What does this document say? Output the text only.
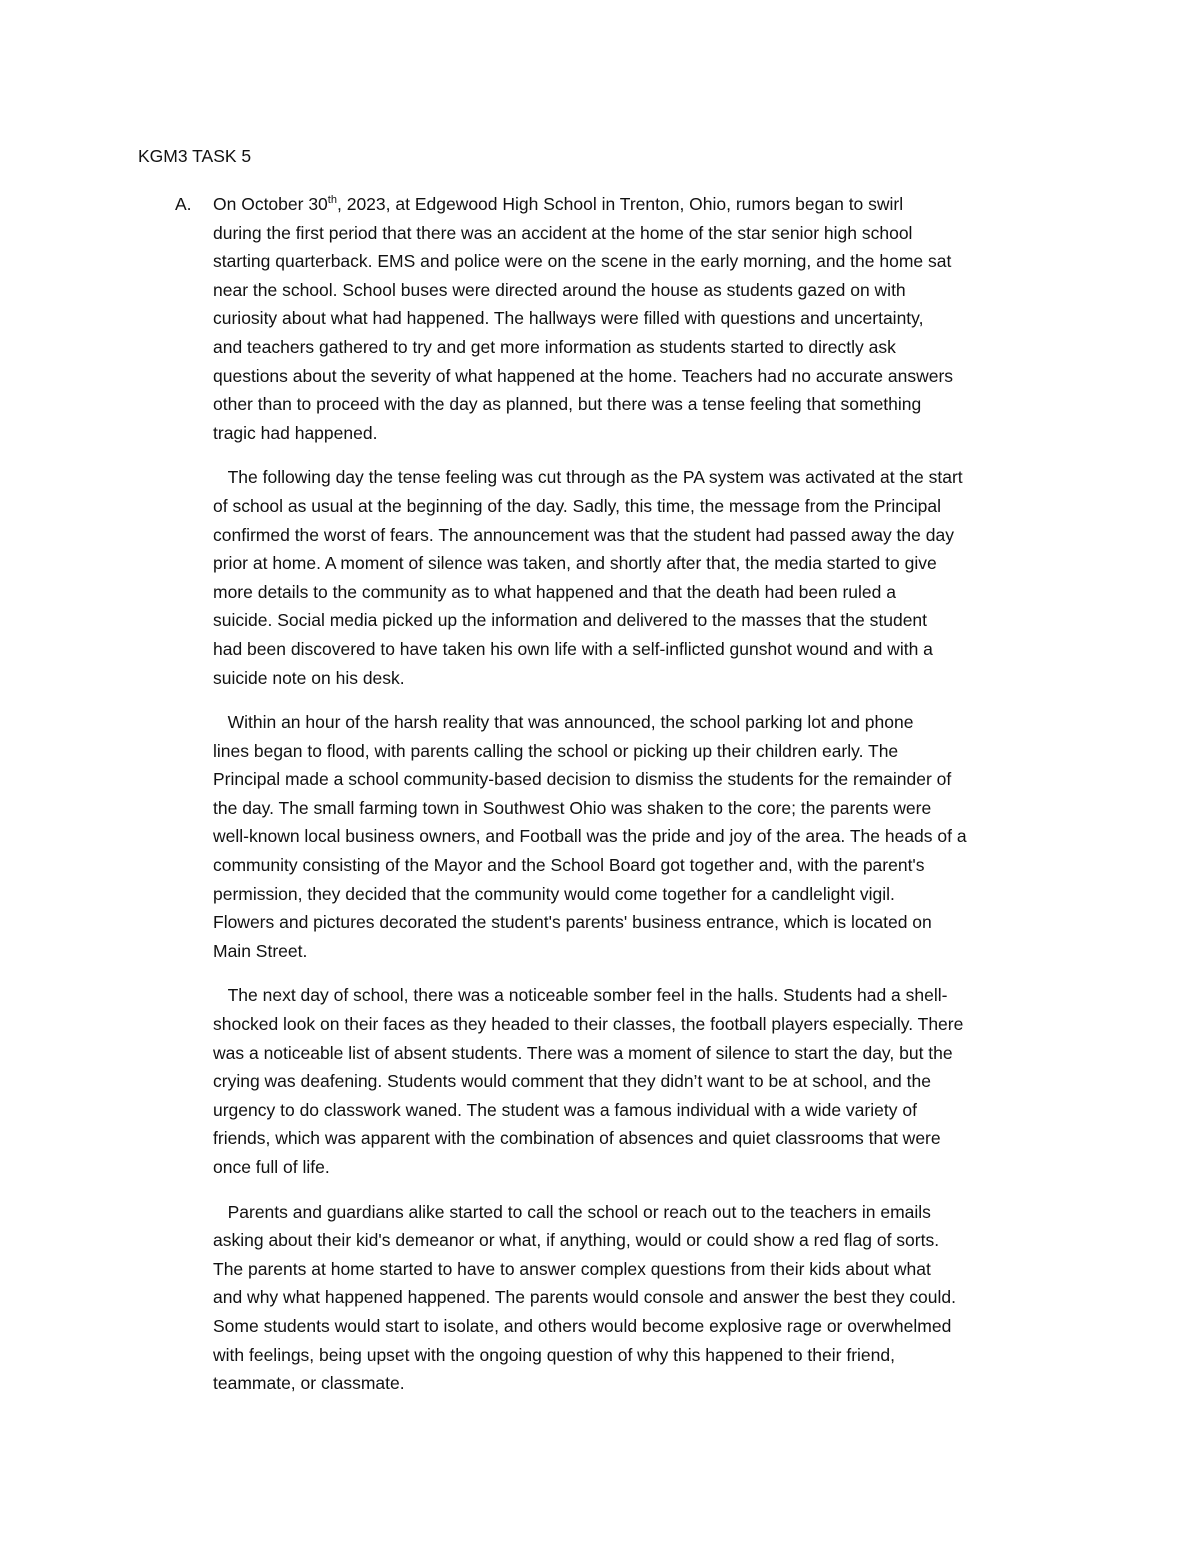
KGM3 TASK 5
A. On October 30th, 2023, at Edgewood High School in Trenton, Ohio, rumors began to swirl
during the first period that there was an accident at the home of the star senior high school
starting quarterback. EMS and police were on the scene in the early morning, and the home sat
near the school. School buses were directed around the house as students gazed on with
curiosity about what had happened. The hallways were filled with questions and uncertainty,
and teachers gathered to try and get more information as students started to directly ask
questions about the severity of what happened at the home. Teachers had no accurate answers
other than to proceed with the day as planned, but there was a tense feeling that something
tragic had happened.

The following day the tense feeling was cut through as the PA system was activated at the start
of school as usual at the beginning of the day. Sadly, this time, the message from the Principal
confirmed the worst of fears. The announcement was that the student had passed away the day
prior at home. A moment of silence was taken, and shortly after that, the media started to give
more details to the community as to what happened and that the death had been ruled a
suicide. Social media picked up the information and delivered to the masses that the student
had been discovered to have taken his own life with a self-inflicted gunshot wound and with a
suicide note on his desk.

Within an hour of the harsh reality that was announced, the school parking lot and phone
lines began to flood, with parents calling the school or picking up their children early. The
Principal made a school community-based decision to dismiss the students for the remainder of
the day. The small farming town in Southwest Ohio was shaken to the core; the parents were
well-known local business owners, and Football was the pride and joy of the area. The heads of a
community consisting of the Mayor and the School Board got together and, with the parent's
permission, they decided that the community would come together for a candlelight vigil.
Flowers and pictures decorated the student's parents' business entrance, which is located on
Main Street.

The next day of school, there was a noticeable somber feel in the halls. Students had a shell-
shocked look on their faces as they headed to their classes, the football players especially. There
was a noticeable list of absent students. There was a moment of silence to start the day, but the
crying was deafening. Students would comment that they didn’t want to be at school, and the
urgency to do classwork waned. The student was a famous individual with a wide variety of
friends, which was apparent with the combination of absences and quiet classrooms that were
once full of life.

Parents and guardians alike started to call the school or reach out to the teachers in emails
asking about their kid's demeanor or what, if anything, would or could show a red flag of sorts.
The parents at home started to have to answer complex questions from their kids about what
and why what happened happened. The parents would console and answer the best they could.
Some students would start to isolate, and others would become explosive rage or overwhelmed
with feelings, being upset with the ongoing question of why this happened to their friend,
teammate, or classmate.
